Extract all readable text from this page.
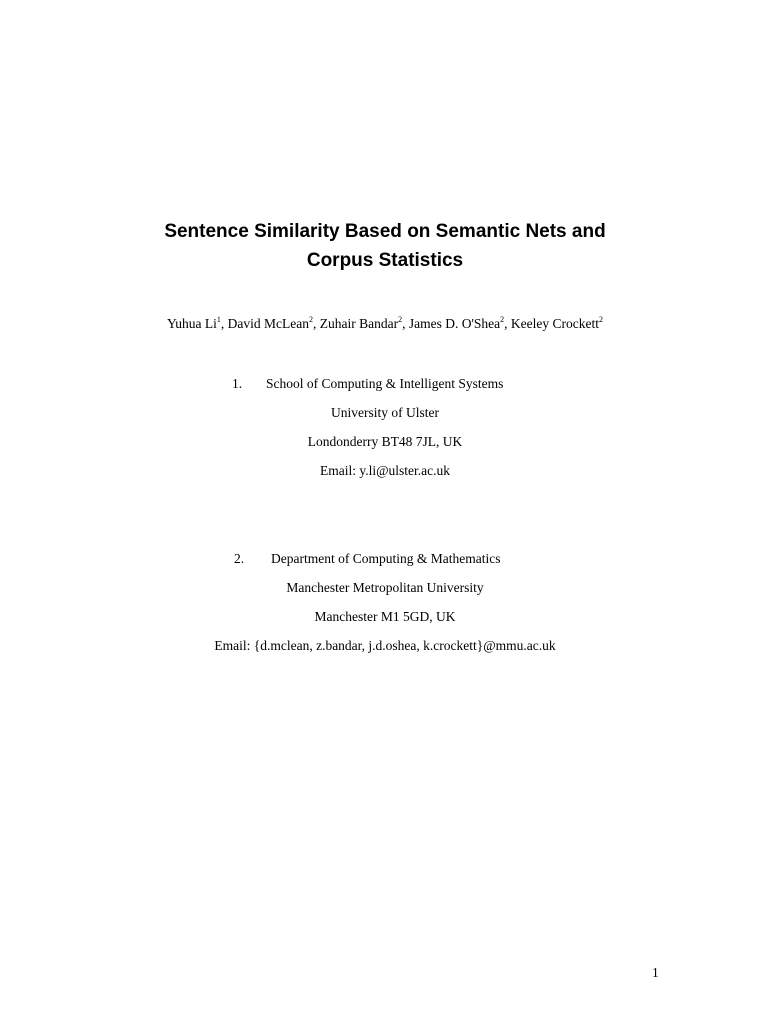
Sentence Similarity Based on Semantic Nets and
Corpus Statistics
Yuhua Li$^1$, David McLean$^2$, Zuhair Bandar$^2$, James D. O'Shea$^2$, Keeley Crockett$^2$
1. School of Computing & Intelligent Systems
University of Ulster
Londonderry BT48 7JL, UK
Email: y.li@ulster.ac.uk
2. Department of Computing & Mathematics
Manchester Metropolitan University
Manchester M1 5GD, UK
Email: {d.mclean, z.bandar, j.d.oshea, k.crockett}@mmu.ac.uk
1
